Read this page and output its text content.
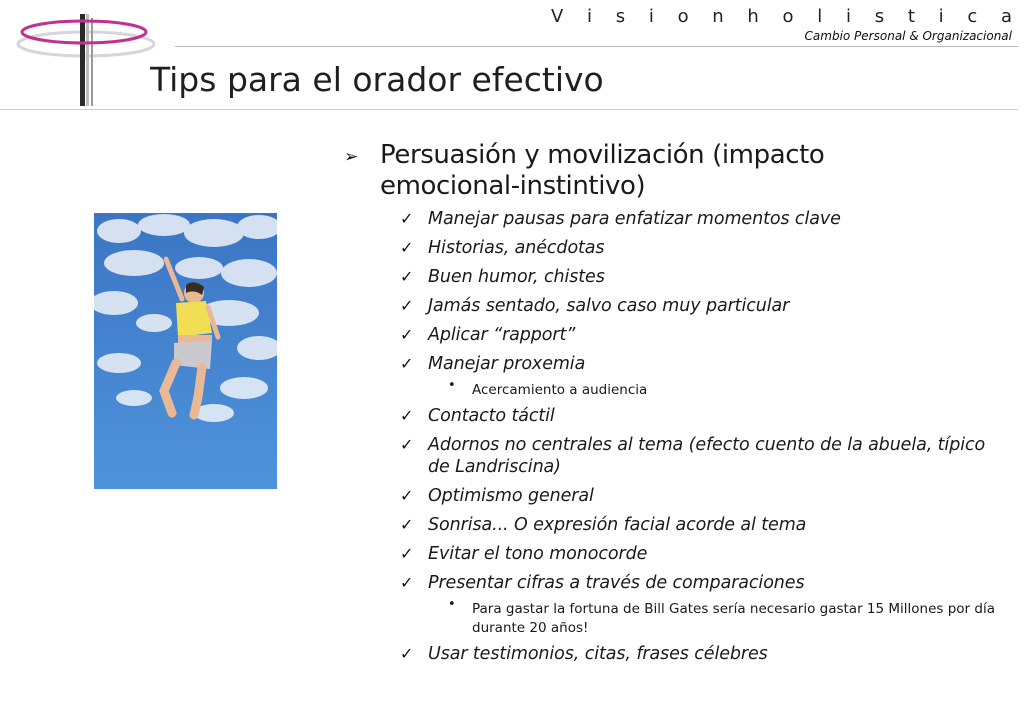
V i s i o n h o l i s t i c a
Cambio Personal & Organizacional
Tips para el orador efectivo
➢ Persuasión y movilización (impacto
emocional-instintivo)
✓ Manejar pausas para enfatizar momentos clave
✓ Historias, anécdotas
✓ Buen humor, chistes
✓ Jamás sentado, salvo caso muy particular
✓ Aplicar “rapport”
✓ Manejar proxemia
• Acercamiento a audiencia
✓ Contacto táctil
✓ Adornos no centrales al tema (efecto cuento de la abuela, típico de Landriscina)
✓ Optimismo general
✓ Sonrisa... O expresión facial acorde al tema
✓ Evitar el tono monocorde
✓ Presentar cifras a través de comparaciones
• Para gastar la fortuna de Bill Gates sería necesario gastar 15 Millones por día durante 20 años!
✓ Usar testimonios, citas, frases célebres
